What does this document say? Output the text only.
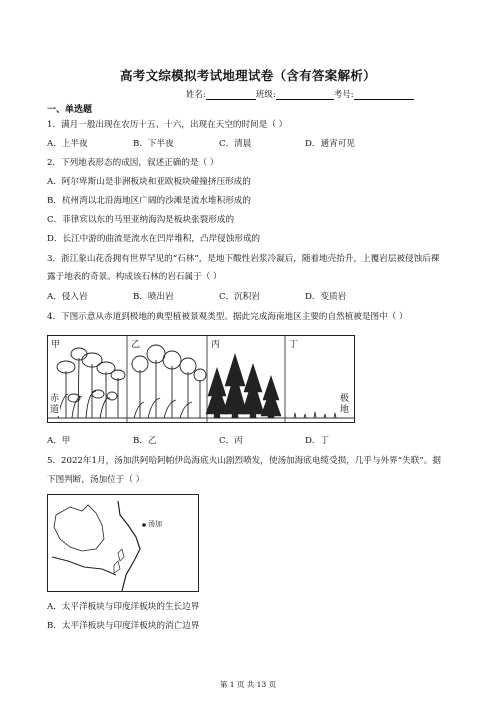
高考文综模拟考试地理试卷（含有答案解析）
姓名:	班级:	考号:
一、单选题
1．满月一般出现在农历十五、十六，出现在天空的时间是（ ）
A．上半夜	B．下半夜	C．清晨	D．通宵可见
2．下列地表形态的成因，叙述正确的是（ ）
A．阿尔卑斯山是非洲板块和亚欧板块碰撞挤压形成的
B．杭州湾以北沿海地区广阔的沙滩是流水堆积形成的
C．菲律宾以东的马里亚纳海沟是板块张裂形成的
D．长江中游的曲流是流水在凹岸堆积，凸岸侵蚀形成的
3．浙江象山花岙拥有世界罕见的“石林”，是地下酸性岩浆冷凝后，随着地壳抬升，上覆岩层被侵蚀后裸
露于地表的奇景。构成该石林的岩石属于（ ）
A．侵入岩	B．喷出岩	C．沉积岩	D．变质岩
4．下图示意从赤道到极地的典型植被景观类型。据此完成海南地区主要的自然植被是图中（ ）
甲	乙	丙	丁
赤道
极地
A．甲	B．乙	C．丙	D．丁
5．2022年1月，汤加洪阿哈阿帕伊岛海底火山剧烈喷发，使汤加海底电缆受损，几乎与外界“失联”。据
下图判断，汤加位于（ ）
汤加
A．太平洋板块与印度洋板块的生长边界
B．太平洋板块与印度洋板块的消亡边界
第 1 页 共 13 页
